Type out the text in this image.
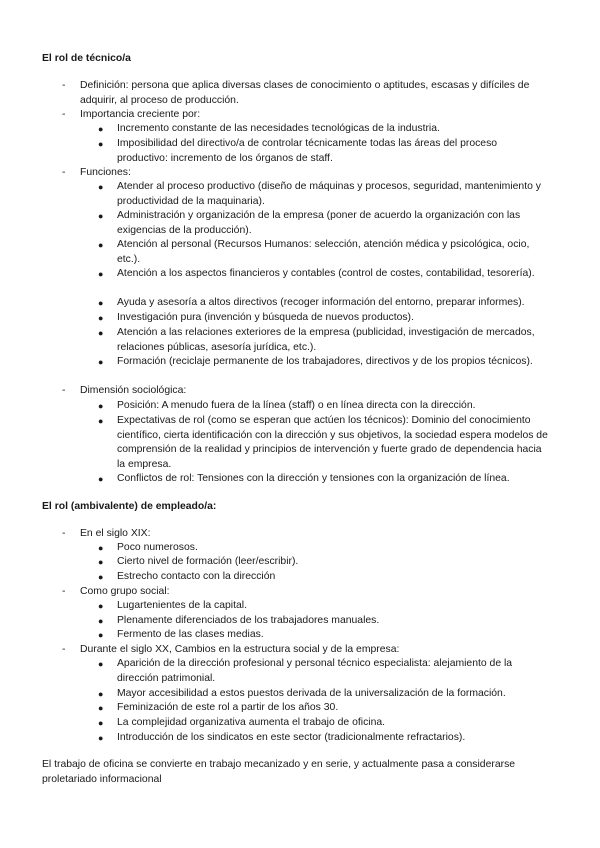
El rol de técnico/a
-	Definición: persona que aplica diversas clases de conocimiento o aptitudes, escasas y difíciles de adquirir, al proceso de producción.
-	Importancia creciente por:
●	Incremento constante de las necesidades tecnológicas de la industria.
●	Imposibilidad del directivo/a de controlar técnicamente todas las áreas del proceso productivo: incremento de los órganos de staff.
-	Funciones:
●	Atender al proceso productivo (diseño de máquinas y procesos, seguridad, mantenimiento y productividad de la maquinaria).
●	Administración y organización de la empresa (poner de acuerdo la organización con las exigencias de la producción).
●	Atención al personal (Recursos Humanos: selección, atención médica y psicológica, ocio, etc.).
●	Atención a los aspectos financieros y contables (control de costes, contabilidad, tesorería).
●	Ayuda y asesoría a altos directivos (recoger información del entorno, preparar informes).
●	Investigación pura (invención y búsqueda de nuevos productos).
●	Atención a las relaciones exteriores de la empresa (publicidad, investigación de mercados, relaciones públicas, asesoría jurídica, etc.).
●	Formación (reciclaje permanente de los trabajadores, directivos y de los propios técnicos).
-	Dimensión sociológica:
●	Posición: A menudo fuera de la línea (staff) o en línea directa con la dirección.
●	Expectativas de rol (como se esperan que actúen los técnicos): Dominio del conocimiento científico, cierta identificación con la dirección y sus objetivos, la sociedad espera modelos de comprensión de la realidad y principios de intervención y fuerte grado de dependencia hacia la empresa.
●	Conflictos de rol: Tensiones con la dirección y tensiones con la organización de línea.
El rol (ambivalente) de empleado/a:
-	En el siglo XIX:
●	Poco numerosos.
●	Cierto nivel de formación (leer/escribir).
●	Estrecho contacto con la dirección
-	Como grupo social:
●	Lugartenientes de la capital.
●	Plenamente diferenciados de los trabajadores manuales.
●	Fermento de las clases medias.
-	Durante el siglo XX, Cambios en la estructura social y de la empresa:
●	Aparición de la dirección profesional y personal técnico especialista: alejamiento de la dirección patrimonial.
●	Mayor accesibilidad a estos puestos derivada de la universalización de la formación.
●	Feminización de este rol a partir de los años 30.
●	La complejidad organizativa aumenta el trabajo de oficina.
●	Introducción de los sindicatos en este sector (tradicionalmente refractarios).
El trabajo de oficina se convierte en trabajo mecanizado y en serie, y actualmente pasa a considerarse proletariado informacional
